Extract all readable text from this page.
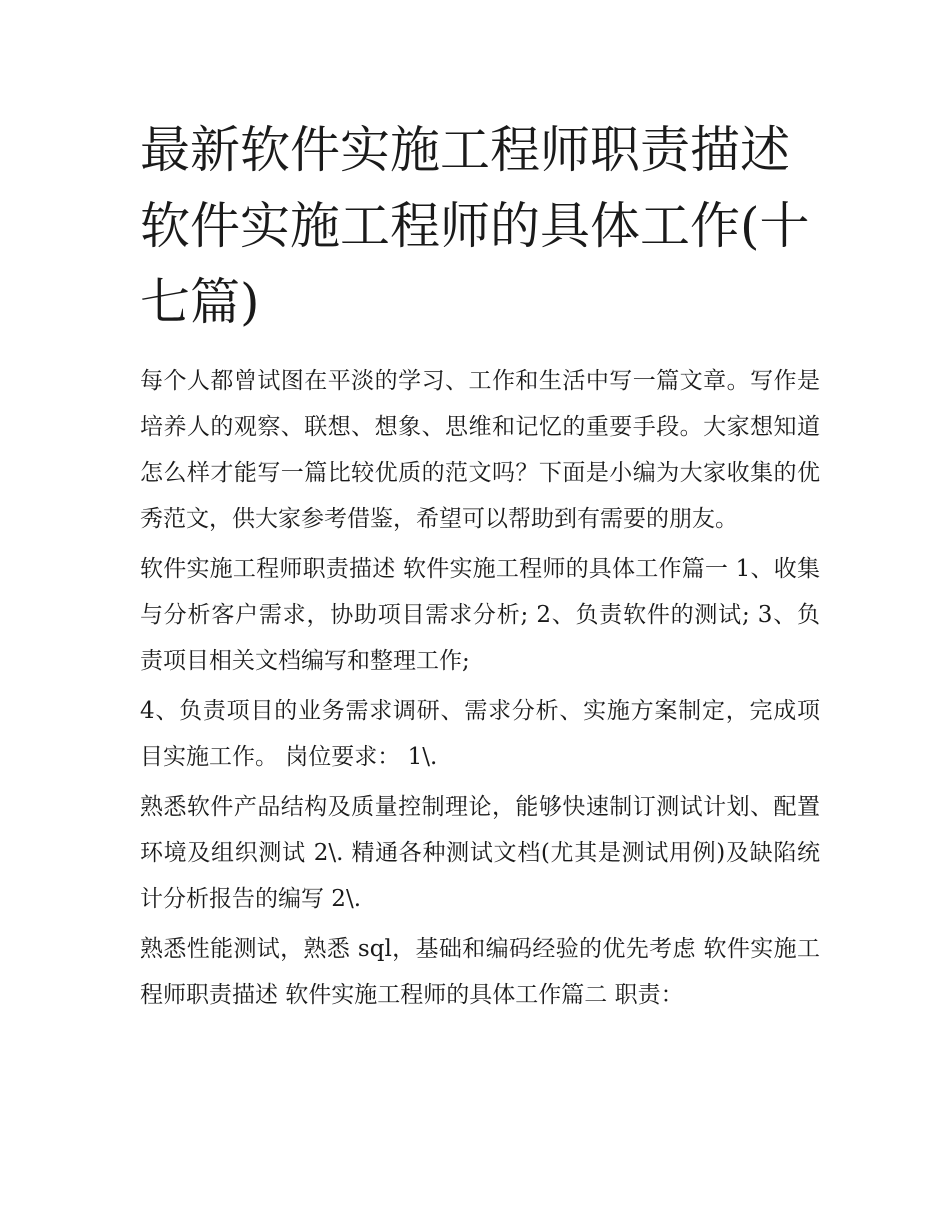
最新软件实施工程师职责描述 软件实施工程师的具体工作(十七篇)

每个人都曾试图在平淡的学习、工作和生活中写一篇文章。写作是培养人的观察、联想、想象、思维和记忆的重要手段。大家想知道怎么样才能写一篇比较优质的范文吗？下面是小编为大家收集的优秀范文，供大家参考借鉴，希望可以帮助到有需要的朋友。

软件实施工程师职责描述 软件实施工程师的具体工作篇一 1、收集与分析客户需求，协助项目需求分析; 2、负责软件的测试; 3、负责项目相关文档编写和整理工作;

4、负责项目的业务需求调研、需求分析、实施方案制定，完成项目实施工作。 岗位要求： 1\.

熟悉软件产品结构及质量控制理论，能够快速制订测试计划、配置环境及组织测试 2\. 精通各种测试文档(尤其是测试用例)及缺陷统计分析报告的编写 2\.

熟悉性能测试，熟悉 sql，基础和编码经验的优先考虑 软件实施工程师职责描述 软件实施工程师的具体工作篇二 职责：
